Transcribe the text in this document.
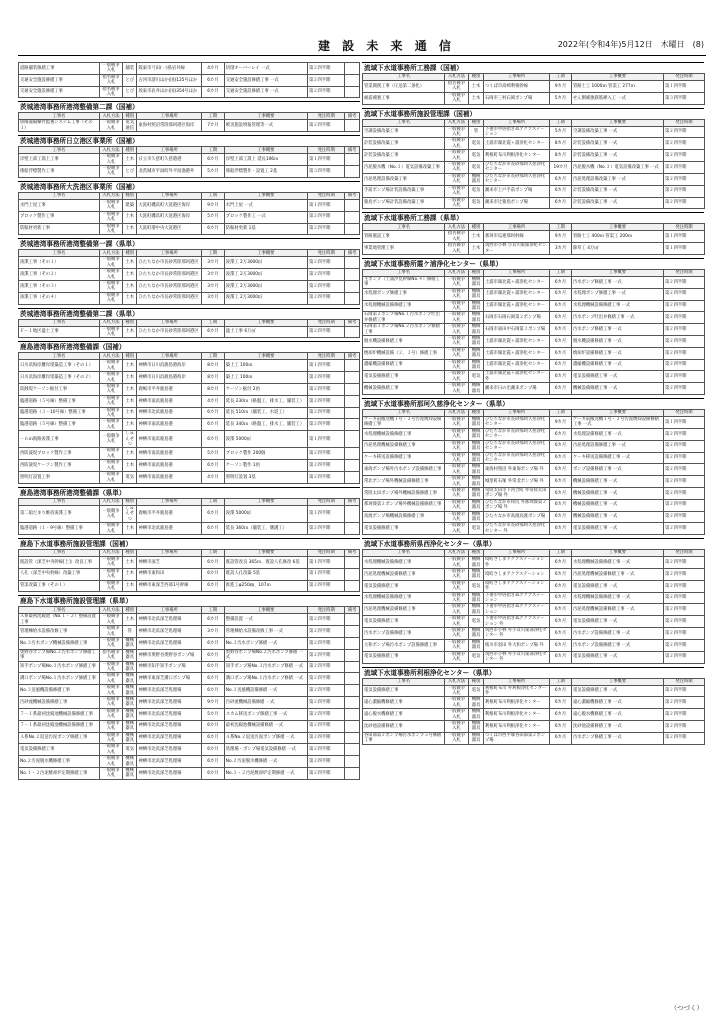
建 設 未 来 通 信	2022年(令和4年)5月12日　木曜日　(8)
道路舗装修繕工事	一般競争入札	舗装	阪東市弓田(一)県岩井線	4カ月	切削オーバーレイ 一式	第２四半期	
交通安全施設修繕工事	指名競争入札	とび	古河市諸川ほか(国)125号ほか	6カ月	交通安全施設修繕工事 一式	第２四半期	
交通安全施設修繕工事	指名競争入札	とび	坂東市岩井ほか(国)354号ほか	6カ月	交通安全施設修繕工事 一式	第２四半期	
茨城港湾事務所港湾整備第二課（国補）
工事名	入札方法	種別	工事場所	工期	工事概要	発注時期	備考
陸閘遠隔操作監視システム工事（その１）	一般競争入札	電気通信	東海村照沼常陸那珂港区海岸	7カ月	被災施設情報管理等一式	第２四半期	
茨城港湾事務所日立港区事業所（国補）
工事名	入札方法	種別	工事場所	工期	工事概要	発注時期	備考
岸壁上部工嵩上工事	一般競争入札	土木	日立市久慈町久慈港港	6カ月	岸壁上部工嵩上 延長106ｍ	第１四半期	
係船浮標製作工事	一般競争入札	とび	北茨城市平潟町外平潟漁港外	5カ月	係船浮標製作・設置工 2基	第３四半期	
茨城港湾事務所大洗港区事業所（国補）
工事名	入札方法	種別	工事場所	工期	工事概要	発注時期	備考
水門上屋工事	一般競争入札	建築	大洗町磯浜町大洗港区海岸	9カ月	水門上屋 一式	第１四半期	
ブロック製作工事	一般競争入札	土木	大洗町磯浜町大洗港区海岸	5カ月	ブロック製作工 一式	第２四半期	
防舷材更新工事	一般競争入札	土木	大洗町港中央大洗港区	6カ月	防舷材更新 1基	第２四半期	
茨城港湾事務所港湾整備第一課（県単）
工事名	入札方法	種別	工事場所	工期	工事概要	発注時期	備考
浚渫工事（その１）	一般競争入札	土木	ひたちなか市長砂常陸那珂港区	3カ月	浚渫工 2万3000㎥	第２四半期	
浚渫工事（その２）	一般競争入札	土木	ひたちなか市長砂常陸那珂港区	3カ月	浚渫工 2万3000㎥	第２四半期	
浚渫工事（その３）	一般競争入札	土木	ひたちなか市長砂常陸那珂港区	3カ月	浚渫工 2万3000㎥	第２四半期	
浚渫工事（その４）	一般競争入札	土木	ひたちなか市長砂常陸那珂港区	3カ月	浚渫工 2万3000㎥	第２四半期	
茨城港湾事務所港湾整備第二課（県単）
工事名	入札方法	種別	工事場所	工期	工事概要	発注時期	備考
Ｆ－１地区盛土工事	一般競争入札	土木	ひたちなか市長砂常陸那珂港区	6カ月	盛土工事 6万㎥	第２四半期	
鹿島港湾事務所港湾整備課（国補）
工事名	入札方法	種別	工事場所	工期	工事概要	発注時期	備考
日川浜海岸離岸堤築造工事（その１）	一般競争入札	土木	神栖市日川浜鹿島港海岸	8カ月	築上工 100ｍ	第１四半期	
日川浜海岸離岸堤築造工事（その２）	一般競争入札	土木	神栖市日川浜鹿島港海岸	8カ月	築上工 100ｍ	第２四半期	
防蝕堤ケーソン据付工事	一般競争入札	土木	鹿嶋市平井鹿島港	8カ月	ケーソン据付 2函	第２四半期	
臨港道路（５号線）整備工事	一般競争入札	土木	神栖市南浜鹿島港	4カ月	延長 230ｍ（路盤工、排水工、舗装工）	第２四半期	
臨港道路（３－10号線）整備工事	一般競争入札	土木	神栖市北浜鹿島港	6カ月	延長 510ｍ（舗装工、水道工）	第２四半期	
臨港道路（５号線）整備工事	一般競争入札	土木	神栖市南浜鹿島港	6カ月	延長 340ｍ（路盤工、排水工、舗装工）	第２四半期	
－６ｍ航路浚渫工事	一般競争入札	しゅんせつ	神栖市南浜鹿島港	6カ月	浚渫 5000㎥	第１四半期	
西防波堤ブロック製作工事	一般競争入札	土木	神栖市南浜鹿島港	5カ月	ブロック製作 200個	第２四半期	
西防波堤ケーソン製作工事	一般競争入札	土木	神栖市南浜鹿島港	6カ月	ケーソン製作 1函	第２四半期	
照明灯設置工事	一般競争入札	電気	神栖市南浜鹿島港	4カ月	照明灯設置 3基	第２四半期	
鹿島港湾事務所港湾整備課（県単）
工事名	入札方法	種別	工事場所	工期	工事概要	発注時期	備考
第二船だまり維持浚渫工事	一般競争入札	しゅんせつ	鹿嶋市平井鹿島港	6カ月	浚渫 5000㎥	第１四半期	
臨港道路（１・9号線）整備工事	一般競争入札	土木	神栖市北浜鹿島港	6カ月	延長 360ｍ（舗装工、側溝工）	第２四半期	
鹿島下水道事務所施設管理課（国補）
工事名	入札方法	種別	工事場所	工期	工事概要	発注時期	備考
既設管（深芝中央幹線[上]）改良工事	一般競争入札	土木	神栖市深芝	6カ月	既設管改良 365ｍ、既設人孔修改 6基	第１四半期	
人孔（深芝中央幹線）改築工事	一般競争入札	土木	神栖市東和田	6カ月	既設人孔改築 5基	第１四半期	
管渠改築工事（その１）	一般競争入札	土木	神栖市東深芝西部1号幹線	6カ月	推進工φ250㎜、107ｍ	第２四半期	
鹿島下水道事務所施設管理課（県単）
工事名	入札方法	種別	工事場所	工期	工事概要	発注時期	備考
Ａ系最初沈殿池（No.１・２）整備設置工事	一般競争入札	土木	神栖市北浜深芝処理場	6カ月	整備設置 一式	第２四半期	
管理棟給水設備改修工事	一般競争入札	管	神栖市北浜深芝処理場	3カ月	管理棟給水設備改修工事 一式	第２四半期	
No.３汚水ポンプ機械設備修繕工事	一般競争入札	機械器具	神栖市北浜深芝処理場	6カ月	No.３汚水ポンプ修繕 一式	第２四半期	
奥野谷ポンプ場No.２汚水ポンプ修繕工事	指名競争入札	機械器具	神栖市奥野谷奥野谷ポンプ場	6カ月	奥野谷ポンプ場No.２汚水ポンプ修繕 一式	第２四半期	
知手ポンプ場No.３汚水ポンプ修繕工事	一般競争入札	機械器具	神栖市知手知手ポンプ場	6カ月	知手ポンプ場No.３汚水ポンプ修繕 一式	第２四半期	
溝口ポンプ場No.１汚水ポンプ修繕工事	一般競争入札	機械器具	神栖市東深芝溝口ポンプ場	6カ月	溝口ポンプ場No.１汚水ポンプ修繕 一式	第２四半期	
No.３送風機設備修繕工事	一般競争入札	機械器具	神栖市北浜深芝処理場	6カ月	No.３送風機設備修繕 一式	第２四半期	
汚砂流機械設備修繕工事	一般競争入札	機械器具	神栖市北浜深芝処理場	9カ月	汚砂流機械設備修繕 一式	第２四半期	
７－１系最初沈殿池機械設備修繕工事	一般競争入札	機械器具	神栖市北浜深芝処理場	5カ月	スカム移送ポンプ修繕工事 一式	第２四半期	
７－１系最初沈殿池機械設備修繕工事	一般競争入札	機械器具	神栖市北浜深芝処理場	6カ月	最初沈殿池機械設備修繕 一式	第２四半期	
Ａ系No.２返送汚泥ポンプ修繕工事	一般競争入札	機械器具	神栖市北浜深芝処理場	6カ月	Ａ系No.２返送汚泥ポンプ修繕 一式	第２四半期	
電気設備修繕工事	一般競争入札	電気	神栖市北浜深芝処理場	6カ月	処理場・ポンプ場電気設備修繕 一式	第２四半期	
No.２汚泥脱水機修繕工事	一般競争入札	機械器具	神栖市北浜深芝処理場	6カ月	No.２汚泥脱水機修繕 一式	第２四半期	
No.１・２汚泥焼却炉定期修繕工事	一般競争入札	機械器具	神栖市北浜深芝処理場	6カ月	No.１・２汚泥焼却炉定期修繕 一式	第２四半期	
流域下水道事務所工務課（国補）
工事名	入札方法	種別	工事場所	工期	工事概要	発注時期
管渠開削工事（圧送第二条化）	指名競争入札	土木	つくば市高崎利根幹線	9カ月	管路土工 1000ｍ 管渠工 277ｍ	第１四半期
耐震補強工事	一般競争入札	土木	石岡市三村石岡ポンプ場	5カ月	せん断補強鉄筋挿入工 一式	第３四半期
流域下水道事務所施設管理課（国補）
工事名	入札方法	種別	工事場所	工期	工事概要	発注時期
空調設備改築工事	一般競争入札	管	下妻市中居指きぬアクアステーション	5カ月	空調設備改築工事 一式	第２四半期
計装設備改築工事	一般競争入札	電気	土浦市湖北霞ヶ浦浄化センター	8カ月	計装設備改築工事 一式	第２四半期
計装設備改築工事	一般競争入札	電気	利根町布川利根浄化センター	8カ月	計装設備改築工事 一式	第２四半期
汚泥脱水機（No.３）電気設備改築工事	一般競争入札	電気	ひたちなか市長砂那珂久慈浄化センター	19カ月	汚泥脱水機（No.３）電気設備改築工事 一式	第２四半期
汚泥処理設備改築工事	一般競争入札	機械器具	ひたちなか市長砂那珂久慈浄化センター	6カ月	汚泥処理設備改築工事 一式	第２四半期
手前ポンプ場計装設備改築工事	一般競争入札	電気	潮来市上戸手前ポンプ場	6カ月	計装設備改築工事 一式	第２四半期
猿島ポンプ場計装設備改築工事	一般競争入札	電気	潮来市辻猿島ポンプ場	6カ月	計装設備改築工事 一式	第２四半期
流域下水道事務所工務課（県単）
工事名	入札方法	種別	工事場所	工期	工事概要	発注時期
管路施設工事	指名競争入札	土木	那珂市瓜連那珂幹線	9カ月	管路土工 400ｍ 管渠工 200ｍ	第１四半期
事業地管理工事	指名競争入札	土木	筑西市小林 小貝川東部浄化センター	3カ月	除草工 4万㎡	第１四半期
流域下水道事務所霞ケ浦浄化センター（県単）
工事名	入札方法	種別	工事場所	工期	工事概要	発注時期
主ポンプ（土浦汐見幹線No.４）修繕工事	一般競争入札	機械器具	土浦市湖北霞ヶ浦浄化センター	6カ月	汚水ポンプ修繕工事 一式	第２四半期
水処理ポンプ修繕工事	一般競争入札	機械器具	土浦市湖北霞ヶ浦浄化センター	6カ月	水処理ポンプ修繕工事 一式	第２四半期
水処理機械設備修繕工事	一般競争入札	機械器具	土浦市湖北霞ヶ浦浄化センター	6カ月	水処理機械設備修繕工事 一式	第２四半期
石岡第２ポンプ場No.１汚水ポンプ吐出弁修繕工事	一般競争入札	機械器具	石岡市石岡石岡第２ポンプ場	6カ月	汚水ポンプ吐出弁修繕工事 一式	第２四半期
石岡第３ポンプ場No.２汚水ポンプ修繕工事	一般競争入札	機械器具	石岡市東田中石岡第３ポンプ場	6カ月	汚水ポンプ修繕工事 一式	第２四半期
脱水機設備修繕工事	一般競争入札	機械器具	土浦市湖北霞ヶ浦浄化センター	6カ月	脱水機設備修繕工事 一式	第２四半期
焼却炉機械設備（２、３号）修繕工事	一般競争入札	機械器具	土浦市湖北霞ヶ浦浄化センター	6カ月	焼却炉設備修繕工事 一式	第２四半期
濃縮機設備修繕工事	一般競争入札	機械器具	土浦市湖北霞ヶ浦浄化センター	6カ月	濃縮機設備修繕工事 一式	第２四半期
電気設備修繕工事	一般競争入札	電気	土浦市湖北霞ヶ浦浄化センター 外	6カ月	電気設備修繕工事 一式	第２四半期
機械設備修繕工事	一般競争入札	機械器具	潮来市日の出潮来ポンプ場	6カ月	機械設備修繕工事 一式	第２四半期
流域下水道事務所那珂久慈浄化センター（県単）
工事名	入札方法	種別	工事場所	工期	工事概要	発注時期
ケーキ前搬送機１号・２号汚泥焼却設備修繕工事	一般競争入札	機械器具	ひたちなか市長砂那珂久慈浄化センター	9カ月	ケーキ前搬送機１号・２号汚泥焼却設備修繕工事 一式	第１四半期
水処理機械設備修繕工事	一般競争入札	機械器具	ひたちなか市長砂那珂久慈浄化センター	6カ月	水処理設備修繕工事 一式	第２四半期
汚泥処理機械設備修繕工事	一般競争入札	機械器具	ひたちなか市長砂那珂久慈浄化センター	6カ月	汚泥処理設備修繕工事 一式	第２四半期
ケーキ移送設備修繕工事	一般競争入札	機械器具	ひたちなか市長砂那珂久慈浄化センター	6カ月	ケーキ移送設備修繕工事 一式	第２四半期
東海ポンプ場外汚水ポンプ設備修繕工事	一般競争入札	機械器具	東海村照沼 外東海ポンプ場 外	6カ月	ポンプ設備修繕工事 一式	第２四半期
常北ポンプ場外機械設備修繕工事	一般競争入札	機械器具	城里町石塚 外常北ポンプ場 外	6カ月	機械設備修繕工事 一式	第２四半期
常陸太田ポンプ場外機械設備修繕工事	一般競争入札	機械器具	常陸太田市下河合町 外常陸太田ポンプ場 外	6カ月	機械設備修繕工事 一式	第２四半期
那珂湊第２ポンプ場外機械設備修繕工事	一般競争入札	機械器具	ひたちなか市和尻 外那珂湊第２ポンプ場 外	6カ月	機械設備修繕工事 一式	第２四半期
高渡ポンプ場機械設備修繕工事	一般競争入札	機械器具	ひたちなか市高渡高渡ポンプ場	6カ月	機械設備修繕工事 一式	第２四半期
電気設備修繕工事	一般競争入札	電気	ひたちなか市長砂那珂久慈浄化センター 外	6カ月	電気設備修繕工事 一式	第２四半期
流域下水道事務所県西浄化センター（県単）
工事名	入札方法	種別	工事場所	工期	工事概要	発注時期
水処理機械設備修繕工事	一般競争入札	機械器具	境町さしまアクアステーション 外	6カ月	水処理機械設備修繕工事 一式	第２四半期
汚泥処理機械設備修繕工事	一般競争入札	機械器具	境町さしまアクアステーション	6カ月	汚泥処理機械設備修繕工事 一式	第２四半期
電気設備修繕工事	一般競争入札	電気	境町さしまアクアステーション 外	6カ月	電気設備修繕工事 一式	第２四半期
水処理機械設備修繕工事	一般競争入札	機械器具	下妻市中居指きぬアクアステーション	6カ月	水処理機械設備修繕工事 一式	第２四半期
汚泥処理機械設備修繕工事	一般競争入札	機械器具	下妻市中居指きぬアクアステーション	6カ月	汚泥処理機械設備修繕工事 一式	第２四半期
電気設備修繕工事	一般競争入札	電気	下妻市中居指きぬアクアステーション 外	6カ月	電気設備修繕工事 一式	第２四半期
汚水ポンプ設備修繕工事	一般競争入札	機械器具	筑西市小林 外小貝川東部浄化センター 外	6カ月	汚水ポンプ設備修繕工事 一式	第２四半期
大和ポンプ場汚水ポンプ設備修繕工事	一般競争入札	機械器具	桜川市羽田 外大和ポンプ場 外	6カ月	汚水ポンプ設備修繕工事 一式	第２四半期
電気設備修繕工事	一般競争入札	電気	筑西市小林 外小貝川東部浄化センター 外	6カ月	電気設備修繕工事 一式	第２四半期
流域下水道事務所利根浄化センター（県単）
工事名	入札方法	種別	工事場所	工期	工事概要	発注時期
電気設備修繕工事	一般競争入札	電気	利根町布川 外利根浄化センター 外	6カ月	電気設備修繕工事 一式	第２四半期
遠心濃縮機修繕工事	一般競争入札	機械器具	利根町布川利根浄化センター	6カ月	遠心濃縮機修繕工事 一式	第２四半期
遠心脱水機修繕工事	一般競争入札	機械器具	利根町布川利根浄化センター	6カ月	遠心脱水機修繕工事 一式	第２四半期
沈砂池設備修繕工事	一般競争入札	機械器具	利根町布川利根浄化センター	6カ月	沈砂池設備修繕工事 一式	第２四半期
谷田部第２ポンプ場汚水ポンプ３号修繕工事	一般競争入札	機械器具	つくば市西平塚谷田部第２ポンプ場	6カ月	汚水ポンプ修繕工事 一式	第２四半期
（つづく）
